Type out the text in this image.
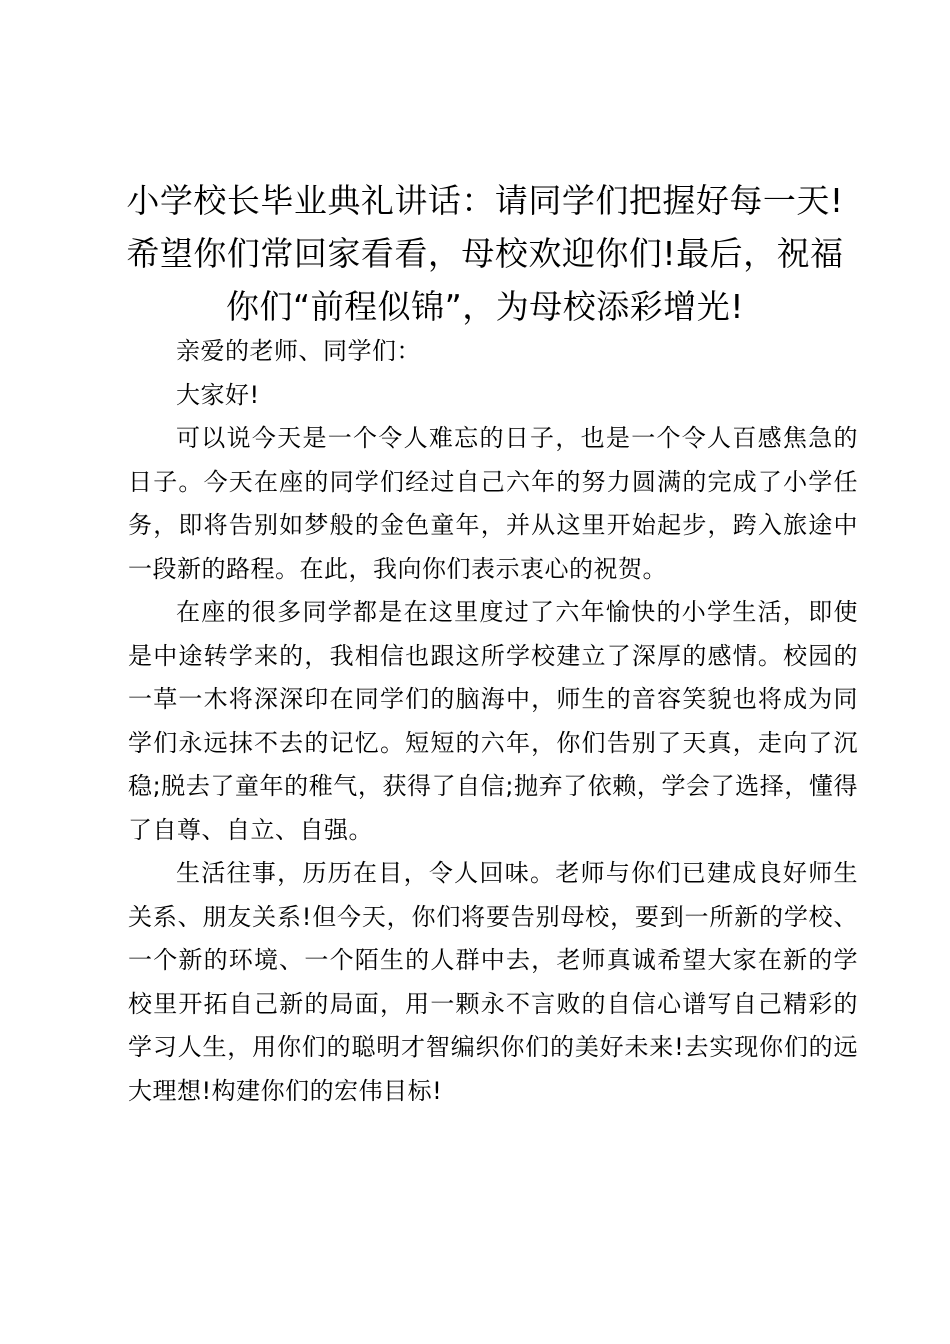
小学校长毕业典礼讲话：请同学们把握好每一天!希望你们常回家看看，母校欢迎你们!最后，祝福你们“前程似锦”，为母校添彩增光!

亲爱的老师、同学们：

大家好!

可以说今天是一个令人难忘的日子，也是一个令人百感焦急的日子。今天在座的同学们经过自己六年的努力圆满的完成了小学任务，即将告别如梦般的金色童年，并从这里开始起步，跨入旅途中一段新的路程。在此，我向你们表示衷心的祝贺。

在座的很多同学都是在这里度过了六年愉快的小学生活，即使是中途转学来的，我相信也跟这所学校建立了深厚的感情。校园的一草一木将深深印在同学们的脑海中，师生的音容笑貌也将成为同学们永远抹不去的记忆。短短的六年，你们告别了天真，走向了沉稳;脱去了童年的稚气，获得了自信;抛弃了依赖，学会了选择，懂得了自尊、自立、自强。

生活往事，历历在目，令人回味。老师与你们已建成良好师生关系、朋友关系!但今天，你们将要告别母校，要到一所新的学校、一个新的环境、一个陌生的人群中去，老师真诚希望大家在新的学校里开拓自己新的局面，用一颗永不言败的自信心谱写自己精彩的学习人生，用你们的聪明才智编织你们的美好未来!去实现你们的远大理想!构建你们的宏伟目标!
